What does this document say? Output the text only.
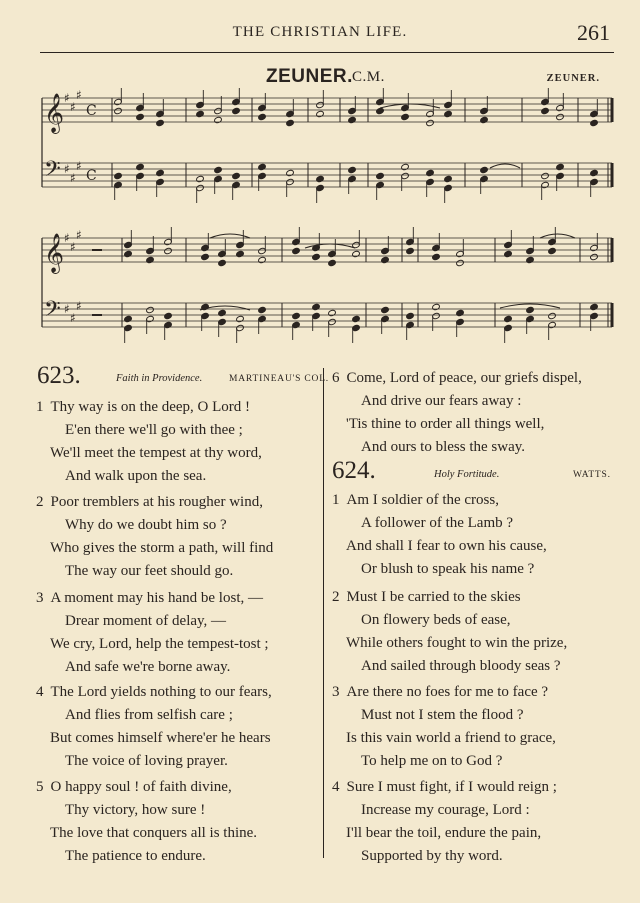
THE CHRISTIAN LIFE.	261
ZEUNER. C.M.	ZEUNER.
𝄞 ♯
♯
♯
C
𝄢 ♯
♯
♯
C
𝄞 ♯
♯
♯
𝄢 ♯
♯
♯
623.	Faith in Providence.	MARTINEAU'S COL.
1 Thy way is on the deep, O Lord !
E'en there we'll go with thee ;
We'll meet the tempest at thy word,
And walk upon the sea.
2 Poor tremblers at his rougher wind,
Why do we doubt him so ?
Who gives the storm a path, will find
The way our feet should go.
3 A moment may his hand be lost, —
Drear moment of delay, —
We cry, Lord, help the tempest-tost ;
And safe we're borne away.
4 The Lord yields nothing to our fears,
And flies from selfish care ;
But comes himself where'er he hears
The voice of loving prayer.
5 O happy soul ! of faith divine,
Thy victory, how sure !
The love that conquers all is thine.
The patience to endure.
6 Come, Lord of peace, our griefs dispel,
And drive our fears away :
'Tis thine to order all things well,
And ours to bless the sway.
1 Am I soldier of the cross,
A follower of the Lamb ?
And shall I fear to own his cause,
Or blush to speak his name ?
2 Must I be carried to the skies
On flowery beds of ease,
While others fought to win the prize,
And sailed through bloody seas ?
3 Are there no foes for me to face ?
Must not I stem the flood ?
Is this vain world a friend to grace,
To help me on to God ?
4 Sure I must fight, if I would reign ;
Increase my courage, Lord :
I'll bear the toil, endure the pain,
Supported by thy word.
624.	Holy Fortitude.	WATTS.
